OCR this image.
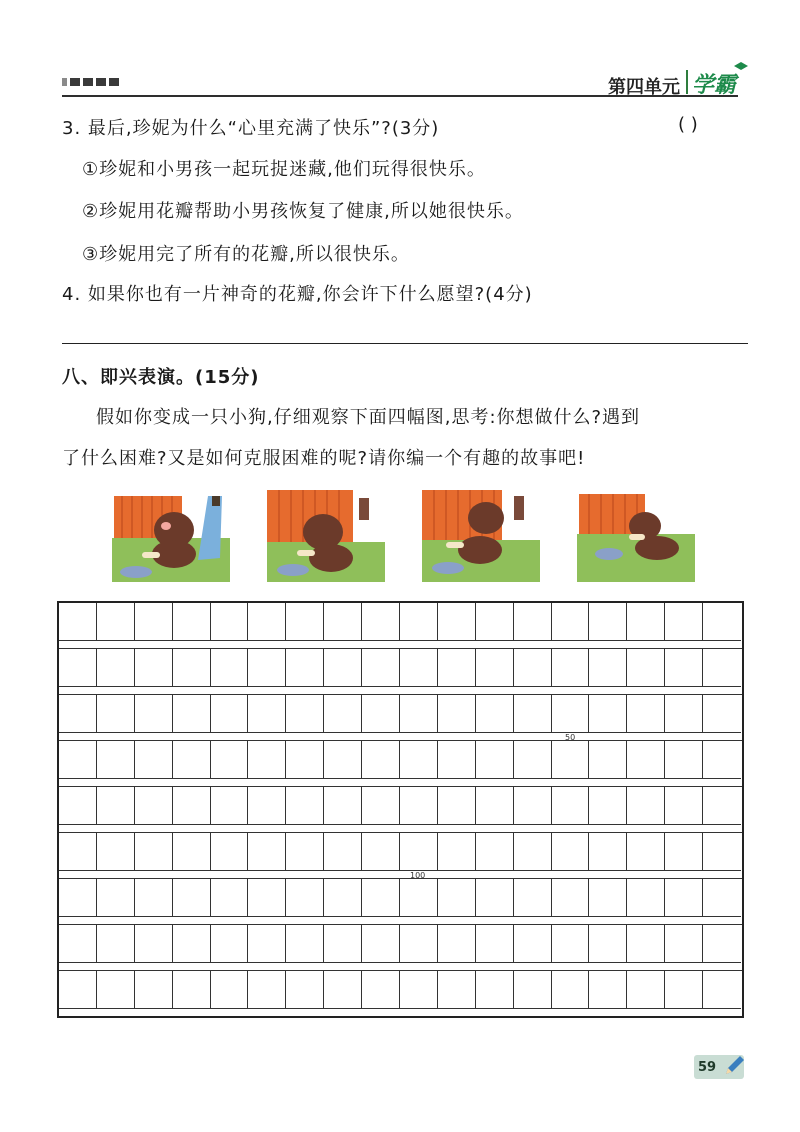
第四单元 学霸
3. 最后,珍妮为什么“心里充满了快乐”?(3分)	( )
①珍妮和小男孩一起玩捉迷藏,他们玩得很快乐。
②珍妮用花瓣帮助小男孩恢复了健康,所以她很快乐。
③珍妮用完了所有的花瓣,所以很快乐。
4. 如果你也有一片神奇的花瓣,你会许下什么愿望?(4分)
八、即兴表演。(15分)
假如你变成一只小狗,仔细观察下面四幅图,思考:你想做什么?遇到
了什么困难?又是如何克服困难的呢?请你编一个有趣的故事吧!
50
100
59
